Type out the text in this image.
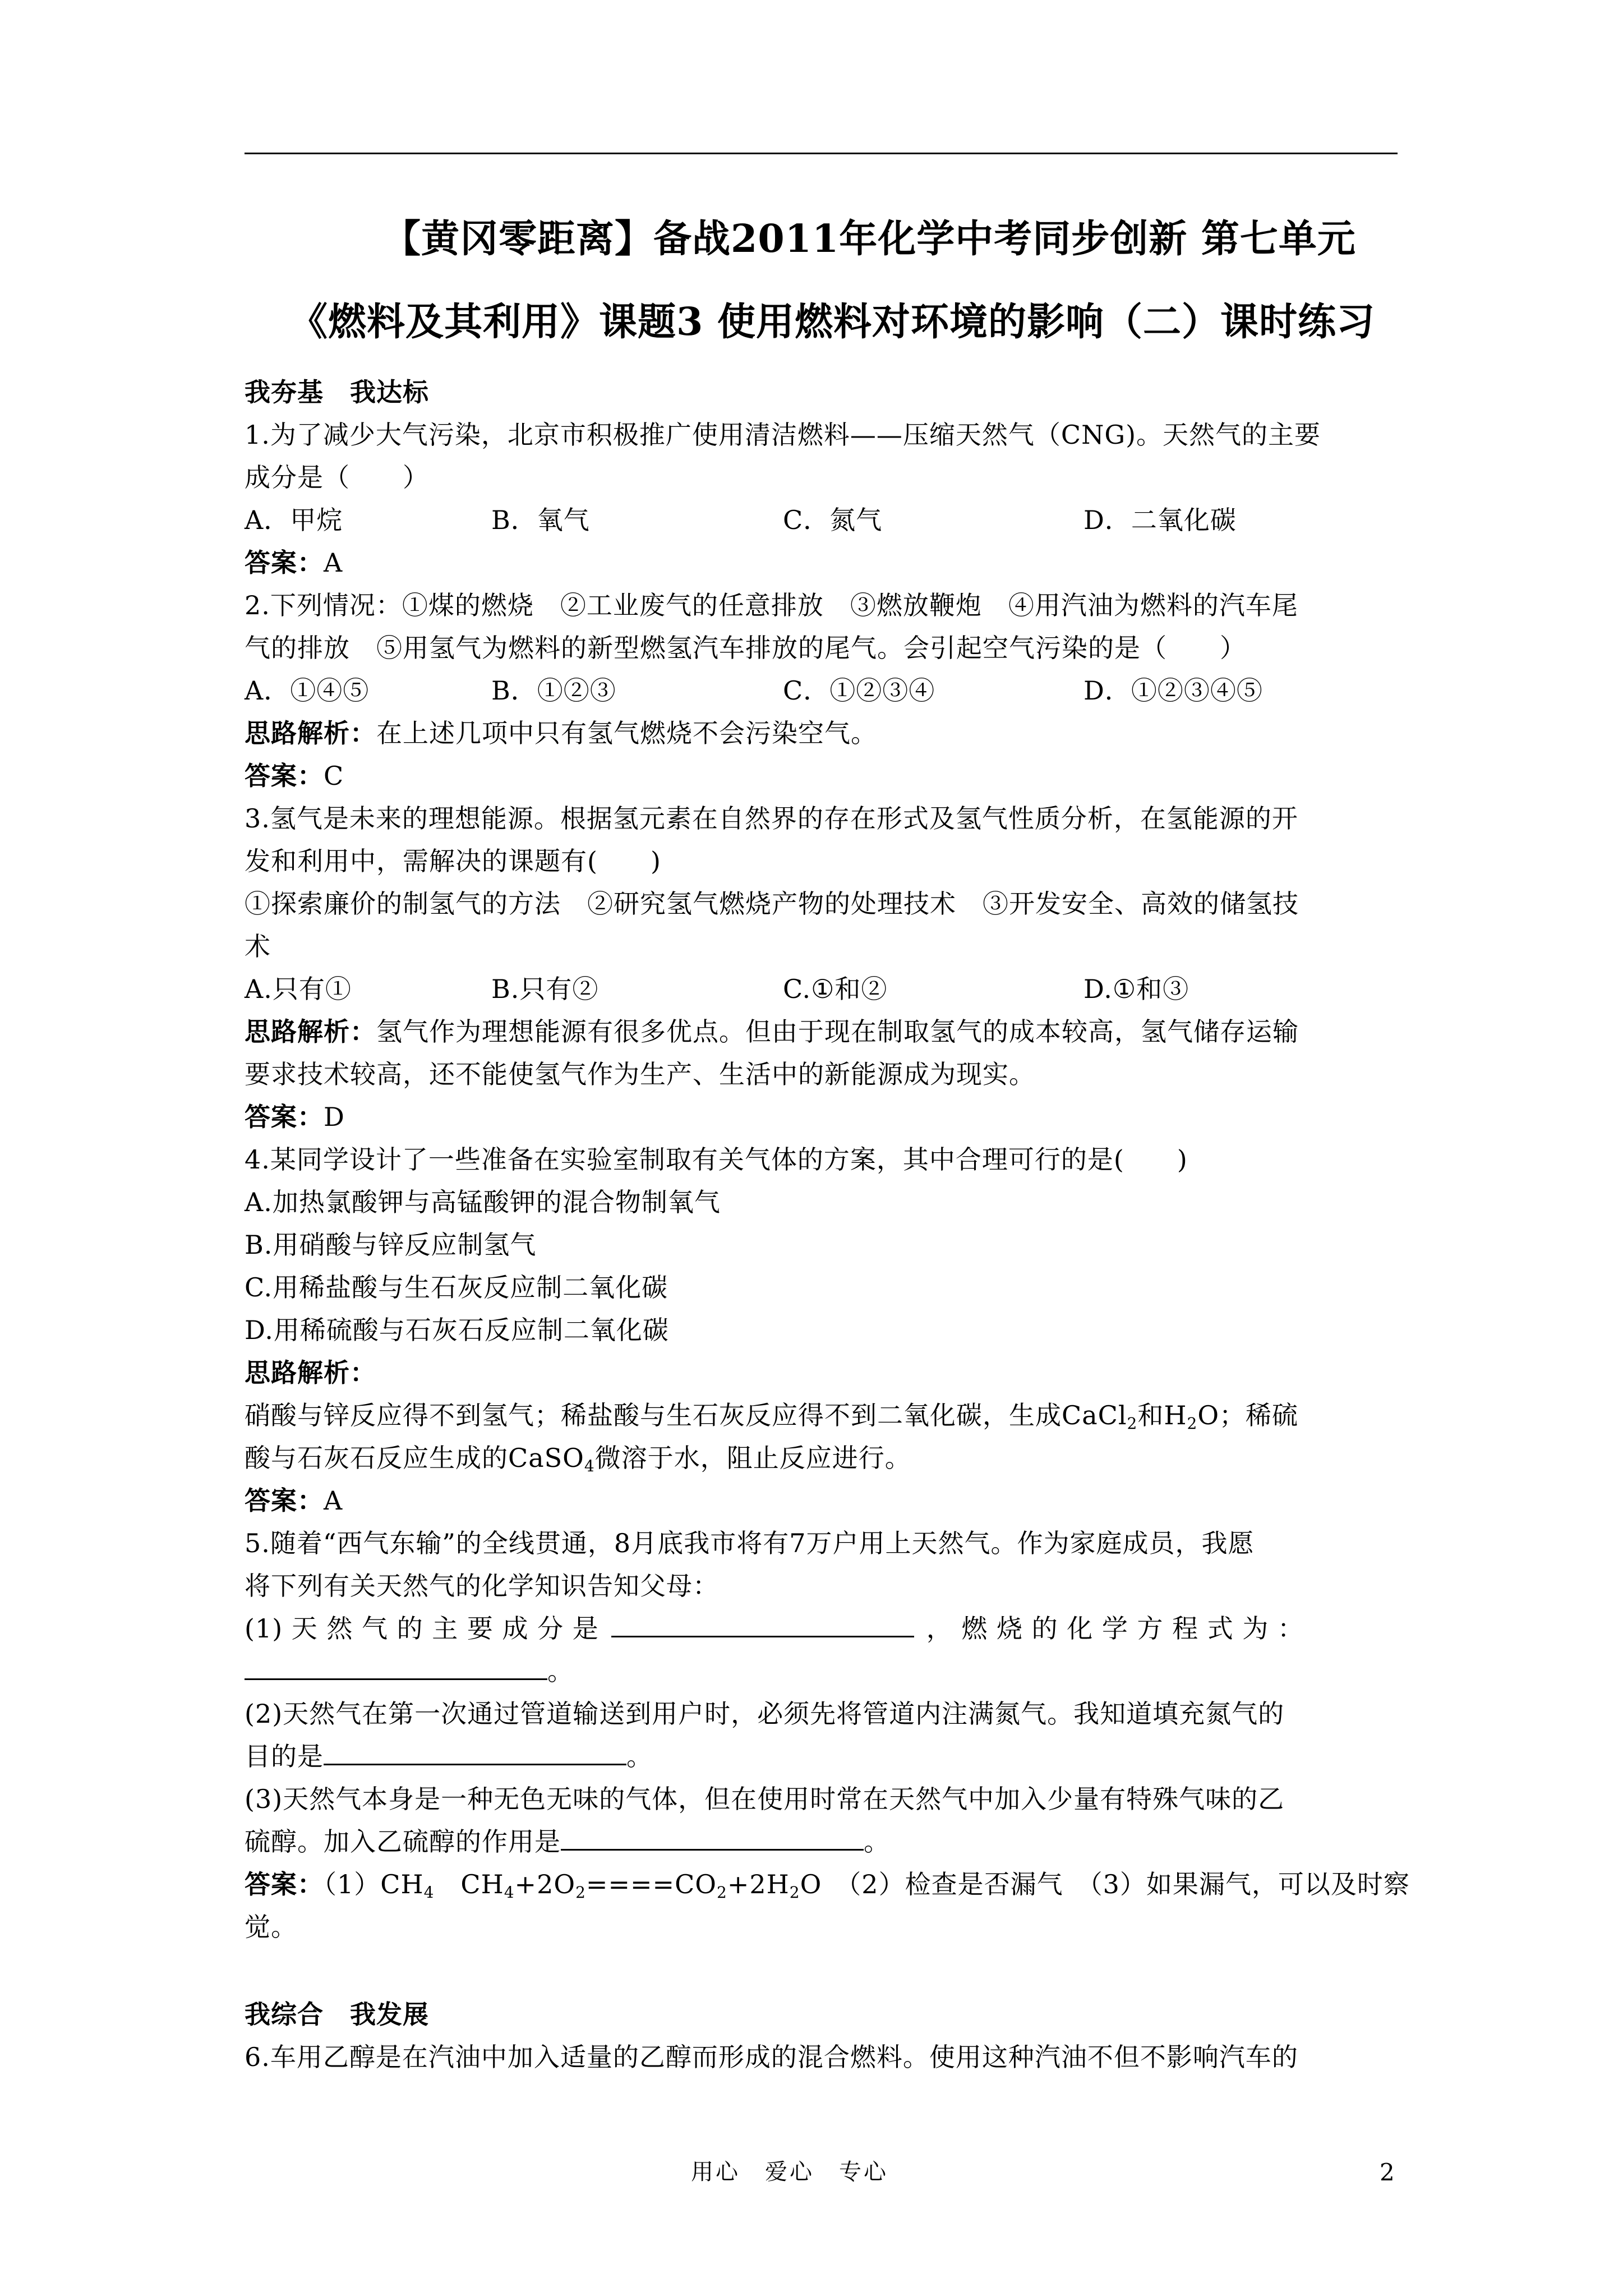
【黄冈零距离】备战2011年化学中考同步创新 第七单元
《燃料及其利用》课题3 使用燃料对环境的影响（二）课时练习
我夯基　我达标
1.为了减少大气污染，北京市积极推广使用清洁燃料——压缩天然气（CNG)。天然气的主要
成分是（　　）
A．甲烷	B．氧气	C．氮气	D．二氧化碳
答案：A
2.下列情况：①煤的燃烧　②工业废气的任意排放　③燃放鞭炮　④用汽油为燃料的汽车尾
气的排放　⑤用氢气为燃料的新型燃氢汽车排放的尾气。会引起空气污染的是（　　）
A．①④⑤	B．①②③	C．①②③④	D．①②③④⑤
思路解析：在上述几项中只有氢气燃烧不会污染空气。
答案：C
3.氢气是未来的理想能源。根据氢元素在自然界的存在形式及氢气性质分析，在氢能源的开
发和利用中，需解决的课题有(　　)
①探索廉价的制氢气的方法　②研究氢气燃烧产物的处理技术　③开发安全、高效的储氢技
术
A.只有①	B.只有②	C.①和②	D.①和③
思路解析：氢气作为理想能源有很多优点。但由于现在制取氢气的成本较高，氢气储存运输
要求技术较高，还不能使氢气作为生产、生活中的新能源成为现实。
答案：D
4.某同学设计了一些准备在实验室制取有关气体的方案，其中合理可行的是(　　)
A.加热氯酸钾与高锰酸钾的混合物制氧气
B.用硝酸与锌反应制氢气
C.用稀盐酸与生石灰反应制二氧化碳
D.用稀硫酸与石灰石反应制二氧化碳
思路解析：
硝酸与锌反应得不到氢气；稀盐酸与生石灰反应得不到二氧化碳，生成CaCl$_2$和$H_2O$；稀硫
酸与石灰石反应生成的CaSO$_4$微溶于水，阻止反应进行。
答案：A
5.随着“西气东输”的全线贯通，8月底我市将有7万户用上天然气。作为家庭成员，我愿
将下列有关天然气的化学知识告知父母：
(1) 天 然 气 的 主 要 成 分 是	， 燃 烧 的 化 学 方 程 式 为 ：
。
(2)天然气在第一次通过管道输送到用户时，必须先将管道内注满氮气。我知道填充氮气的
目的是	。
(3)天然气本身是一种无色无味的气体，但在使用时常在天然气中加入少量有特殊气味的乙
硫醇。加入乙硫醇的作用是	。
答案：$(1)CH_4$　$CH_4+2O_2====CO_2+2H_2O$　（2）检查是否漏气　（3）如果漏气，可以及时察
觉。
我综合　我发展
6.车用乙醇是在汽油中加入适量的乙醇而形成的混合燃料。使用这种汽油不但不影响汽车的
用心　爱心　专心	2
